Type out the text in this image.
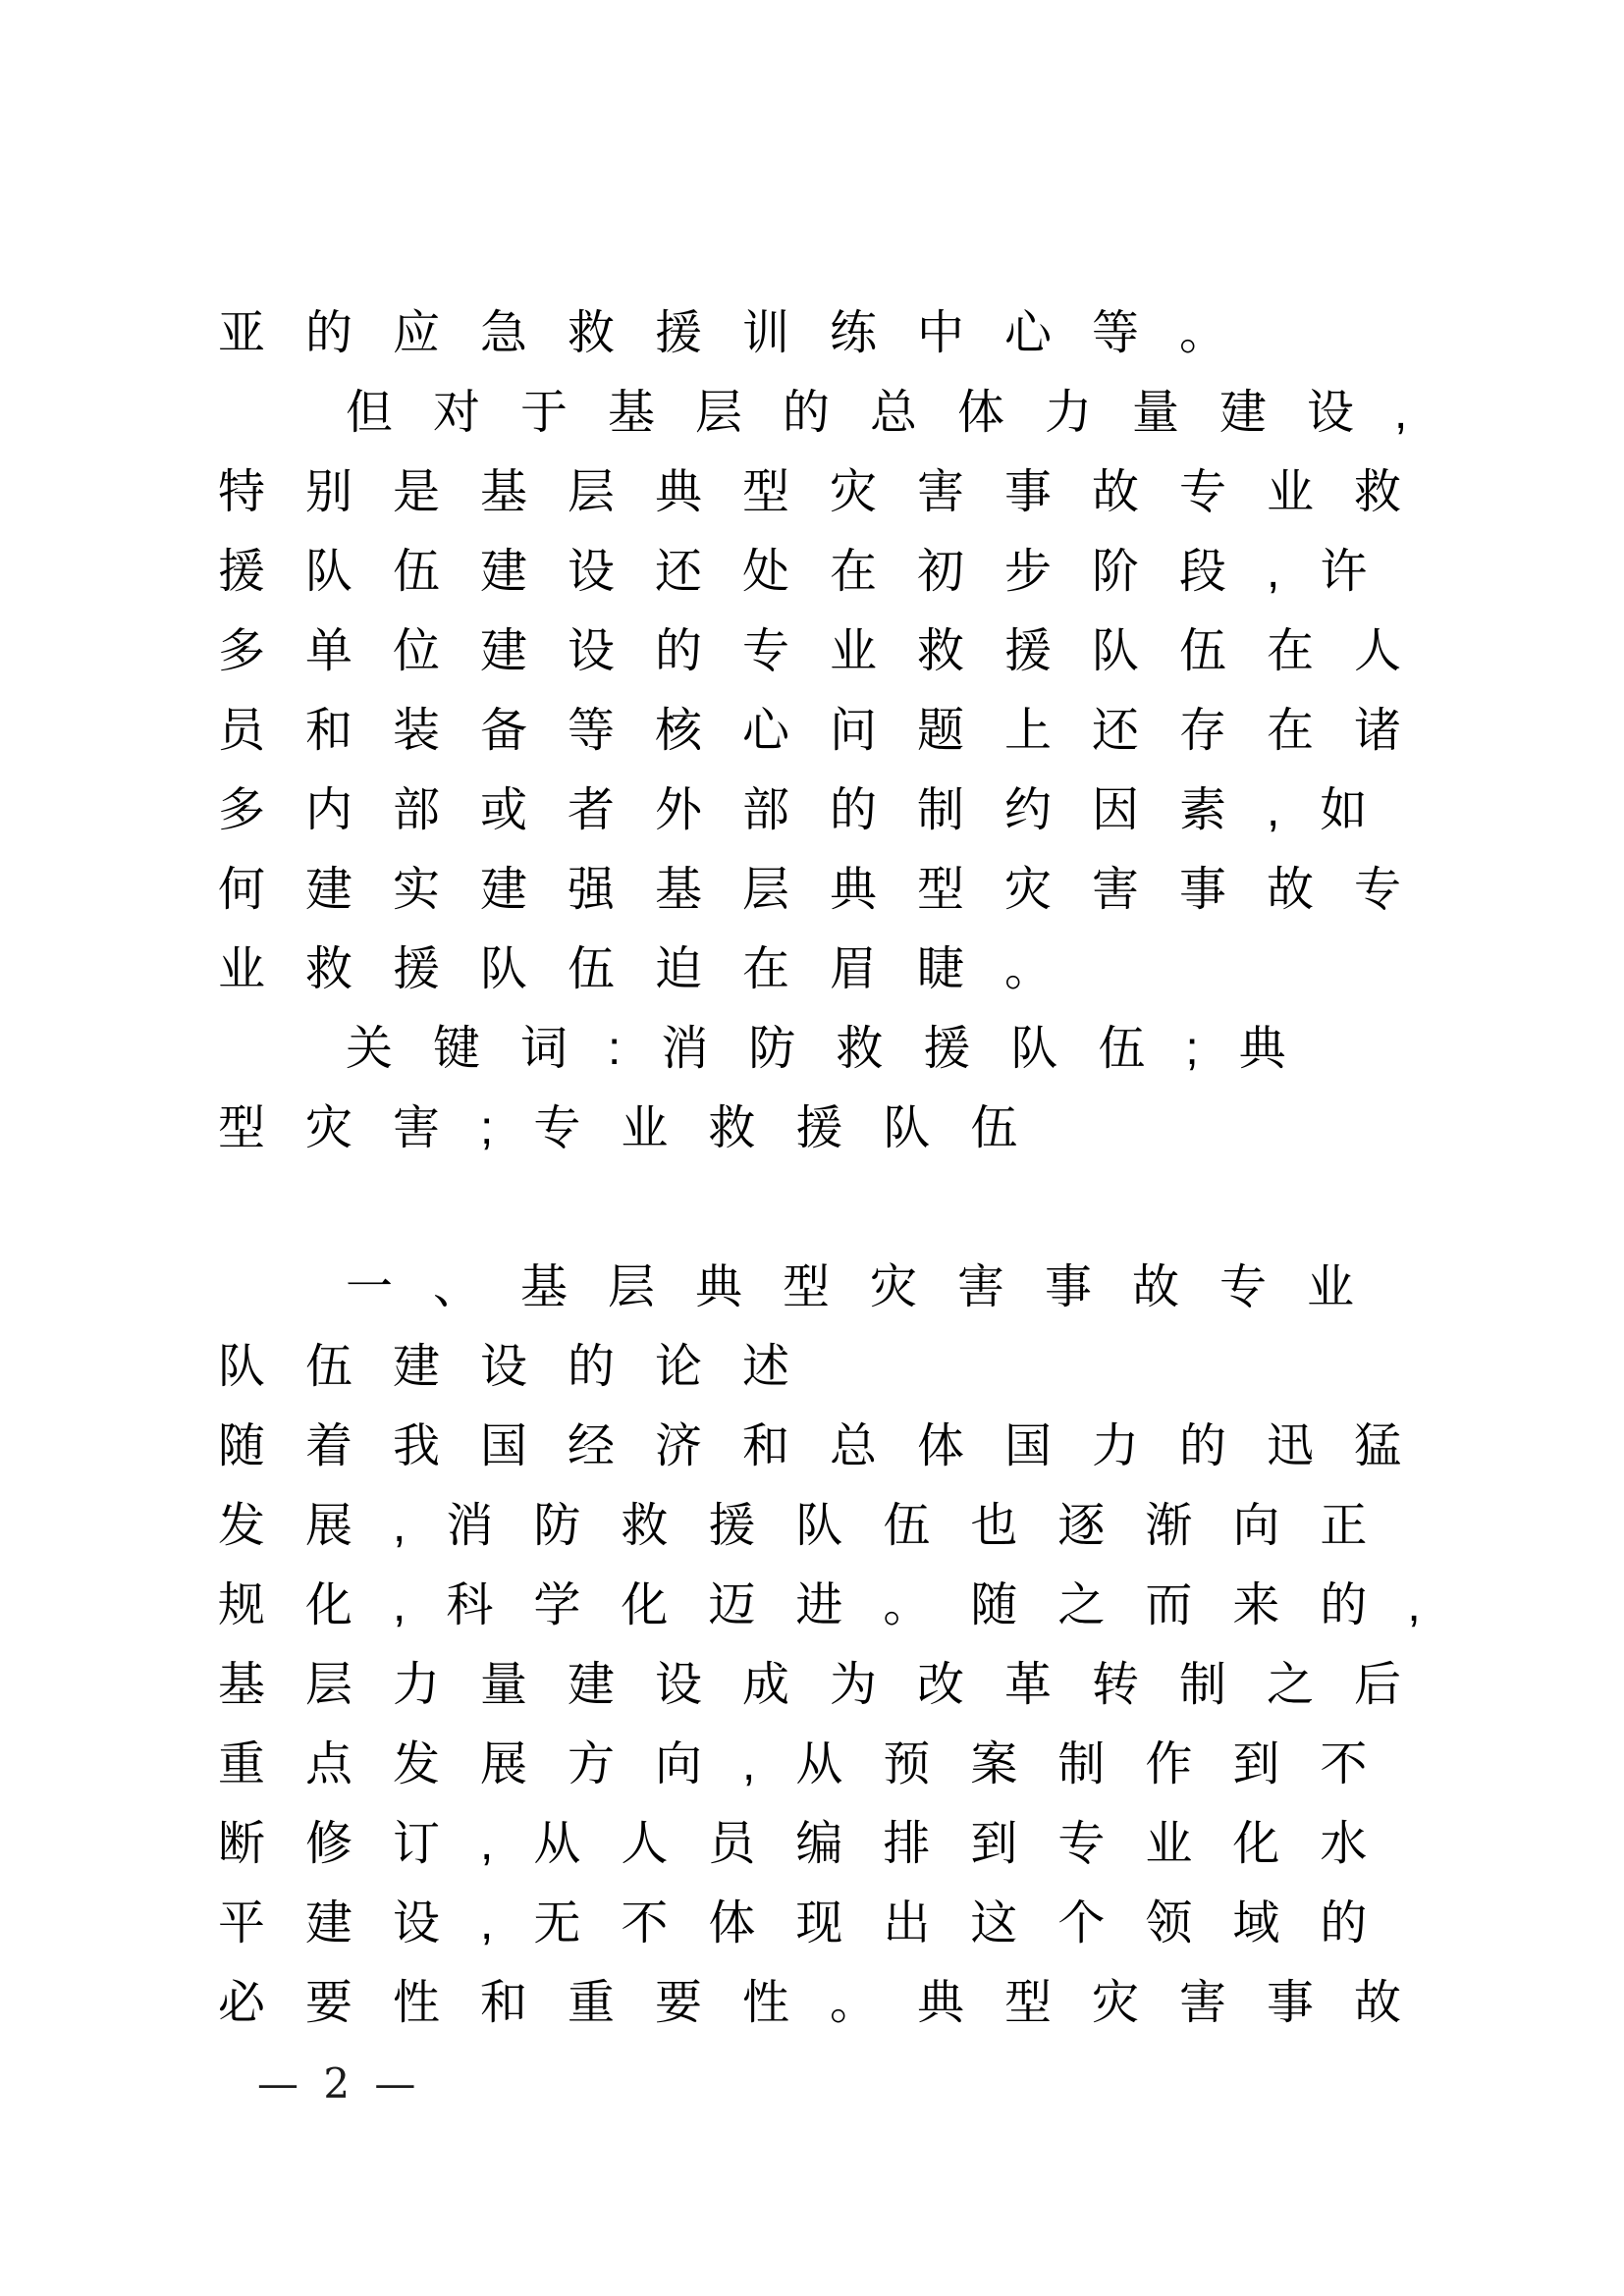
亚的应急救援训练中心等。
但对于基层的总体力量建设,
特别是基层典型灾害事故专业救
援队伍建设还处在初步阶段,许
多单位建设的专业救援队伍在人
员和装备等核心问题上还存在诸
多内部或者外部的制约因素,如
何建实建强基层典型灾害事故专
业救援队伍迫在眉睫。
关键词:消防救援队伍;典
型灾害;专业救援队伍
一、基层典型灾害事故专业
队伍建设的论述
随着我国经济和总体国力的迅猛
发展,消防救援队伍也逐渐向正
规化,科学化迈进。随之而来的,
基层力量建设成为改革转制之后
重点发展方向,从预案制作到不
断修订,从人员编排到专业化水
平建设,无不体现出这个领域的
必要性和重要性。典型灾害事故
— 2 —
